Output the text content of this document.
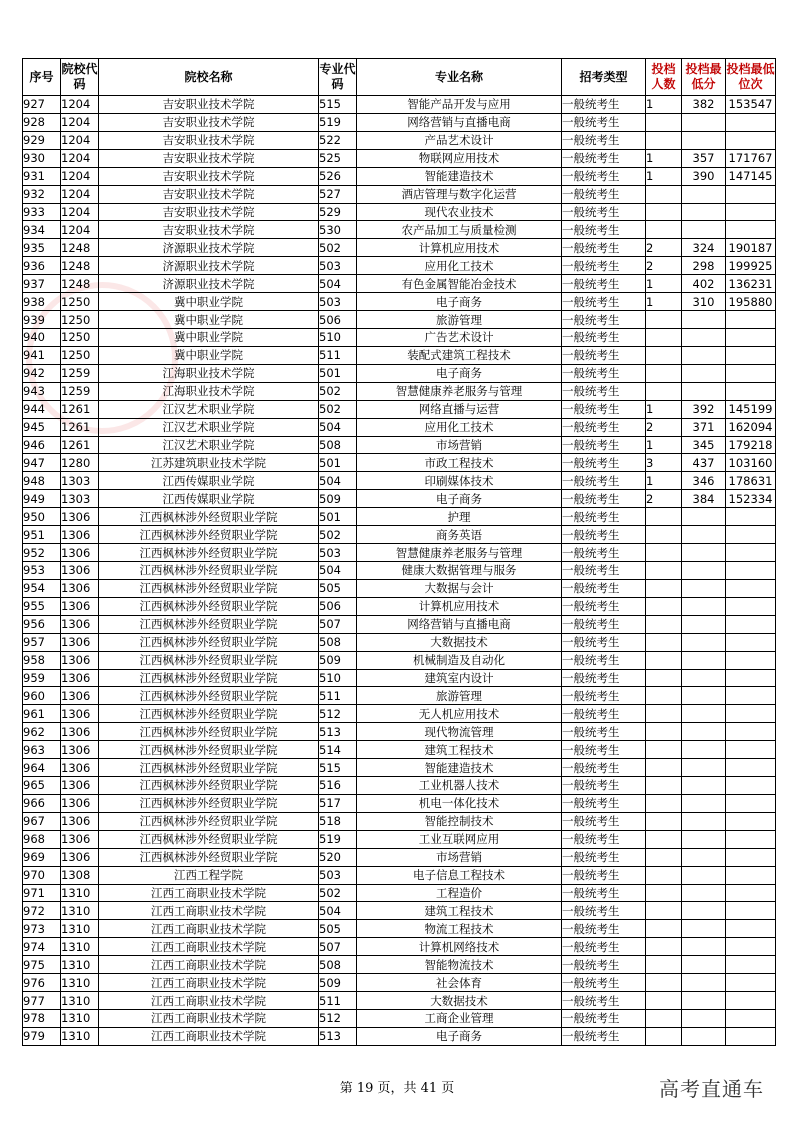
序号	院校代码	院校名称	专业代码	专业名称	招考类型	投档人数	投档最低分	投档最低位次
927	1204	吉安职业技术学院	515	智能产品开发与应用	一般统考生	1	382	153547
928	1204	吉安职业技术学院	519	网络营销与直播电商	一般统考生			
929	1204	吉安职业技术学院	522	产品艺术设计	一般统考生			
930	1204	吉安职业技术学院	525	物联网应用技术	一般统考生	1	357	171767
931	1204	吉安职业技术学院	526	智能建造技术	一般统考生	1	390	147145
932	1204	吉安职业技术学院	527	酒店管理与数字化运营	一般统考生			
933	1204	吉安职业技术学院	529	现代农业技术	一般统考生			
934	1204	吉安职业技术学院	530	农产品加工与质量检测	一般统考生			
935	1248	济源职业技术学院	502	计算机应用技术	一般统考生	2	324	190187
936	1248	济源职业技术学院	503	应用化工技术	一般统考生	2	298	199925
937	1248	济源职业技术学院	504	有色金属智能冶金技术	一般统考生	1	402	136231
938	1250	冀中职业学院	503	电子商务	一般统考生	1	310	195880
939	1250	冀中职业学院	506	旅游管理	一般统考生			
940	1250	冀中职业学院	510	广告艺术设计	一般统考生			
941	1250	冀中职业学院	511	装配式建筑工程技术	一般统考生			
942	1259	江海职业技术学院	501	电子商务	一般统考生			
943	1259	江海职业技术学院	502	智慧健康养老服务与管理	一般统考生			
944	1261	江汉艺术职业学院	502	网络直播与运营	一般统考生	1	392	145199
945	1261	江汉艺术职业学院	504	应用化工技术	一般统考生	2	371	162094
946	1261	江汉艺术职业学院	508	市场营销	一般统考生	1	345	179218
947	1280	江苏建筑职业技术学院	501	市政工程技术	一般统考生	3	437	103160
948	1303	江西传媒职业学院	504	印刷媒体技术	一般统考生	1	346	178631
949	1303	江西传媒职业学院	509	电子商务	一般统考生	2	384	152334
950	1306	江西枫林涉外经贸职业学院	501	护理	一般统考生			
951	1306	江西枫林涉外经贸职业学院	502	商务英语	一般统考生			
952	1306	江西枫林涉外经贸职业学院	503	智慧健康养老服务与管理	一般统考生			
953	1306	江西枫林涉外经贸职业学院	504	健康大数据管理与服务	一般统考生			
954	1306	江西枫林涉外经贸职业学院	505	大数据与会计	一般统考生			
955	1306	江西枫林涉外经贸职业学院	506	计算机应用技术	一般统考生			
956	1306	江西枫林涉外经贸职业学院	507	网络营销与直播电商	一般统考生			
957	1306	江西枫林涉外经贸职业学院	508	大数据技术	一般统考生			
958	1306	江西枫林涉外经贸职业学院	509	机械制造及自动化	一般统考生			
959	1306	江西枫林涉外经贸职业学院	510	建筑室内设计	一般统考生			
960	1306	江西枫林涉外经贸职业学院	511	旅游管理	一般统考生			
961	1306	江西枫林涉外经贸职业学院	512	无人机应用技术	一般统考生			
962	1306	江西枫林涉外经贸职业学院	513	现代物流管理	一般统考生			
963	1306	江西枫林涉外经贸职业学院	514	建筑工程技术	一般统考生			
964	1306	江西枫林涉外经贸职业学院	515	智能建造技术	一般统考生			
965	1306	江西枫林涉外经贸职业学院	516	工业机器人技术	一般统考生			
966	1306	江西枫林涉外经贸职业学院	517	机电一体化技术	一般统考生			
967	1306	江西枫林涉外经贸职业学院	518	智能控制技术	一般统考生			
968	1306	江西枫林涉外经贸职业学院	519	工业互联网应用	一般统考生			
969	1306	江西枫林涉外经贸职业学院	520	市场营销	一般统考生			
970	1308	江西工程学院	503	电子信息工程技术	一般统考生			
971	1310	江西工商职业技术学院	502	工程造价	一般统考生			
972	1310	江西工商职业技术学院	504	建筑工程技术	一般统考生			
973	1310	江西工商职业技术学院	505	物流工程技术	一般统考生			
974	1310	江西工商职业技术学院	507	计算机网络技术	一般统考生			
975	1310	江西工商职业技术学院	508	智能物流技术	一般统考生			
976	1310	江西工商职业技术学院	509	社会体育	一般统考生			
977	1310	江西工商职业技术学院	511	大数据技术	一般统考生			
978	1310	江西工商职业技术学院	512	工商企业管理	一般统考生			
979	1310	江西工商职业技术学院	513	电子商务	一般统考生			
第 19 页，共 41 页	高考直通车
